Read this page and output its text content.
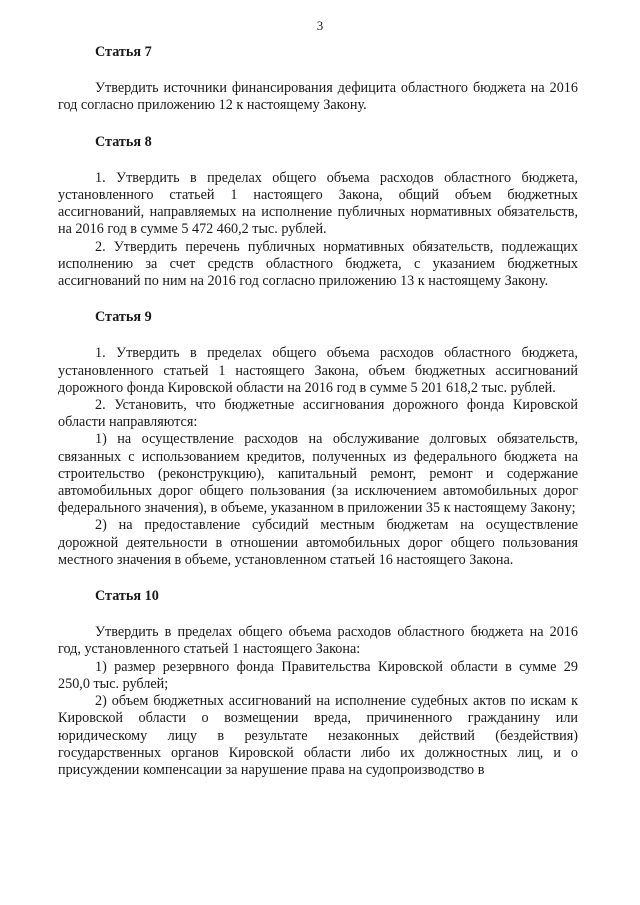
3
Статья 7

Утвердить источники финансирования дефицита областного бюджета на 2016 год согласно приложению 12 к настоящему Закону.

Статья 8

1. Утвердить в пределах общего объема расходов областного бюджета, установленного статьей 1 настоящего Закона, общий объем бюджетных ассигнований, направляемых на исполнение публичных нормативных обязательств, на 2016 год в сумме 5 472 460,2 тыс. рублей.

2. Утвердить перечень публичных нормативных обязательств, подлежащих исполнению за счет средств областного бюджета, с указанием бюджетных ассигнований по ним на 2016 год согласно приложению 13 к настоящему Закону.

Статья 9

1. Утвердить в пределах общего объема расходов областного бюджета, установленного статьей 1 настоящего Закона, объем бюджетных ассигнований дорожного фонда Кировской области на 2016 год в сумме 5 201 618,2 тыс. рублей.

2. Установить, что бюджетные ассигнования дорожного фонда Кировской области направляются:

1) на осуществление расходов на обслуживание долговых обязательств, связанных с использованием кредитов, полученных из федерального бюджета на строительство (реконструкцию), капитальный ремонт, ремонт и содержание автомобильных дорог общего пользования (за исключением автомобильных дорог федерального значения), в объеме, указанном в приложении 35 к настоящему Закону;

2) на предоставление субсидий местным бюджетам на осуществление дорожной деятельности в отношении автомобильных дорог общего пользования местного значения в объеме, установленном статьей 16 настоящего Закона.

Статья 10

Утвердить в пределах общего объема расходов областного бюджета на 2016 год, установленного статьей 1 настоящего Закона:

1) размер резервного фонда Правительства Кировской области в сумме 29 250,0 тыс. рублей;

2) объем бюджетных ассигнований на исполнение судебных актов по искам к Кировской области о возмещении вреда, причиненного гражданину или юридическому лицу в результате незаконных действий (бездействия) государственных органов Кировской области либо их должностных лиц, и о присуждении компенсации за нарушение права на судопроизводство в
